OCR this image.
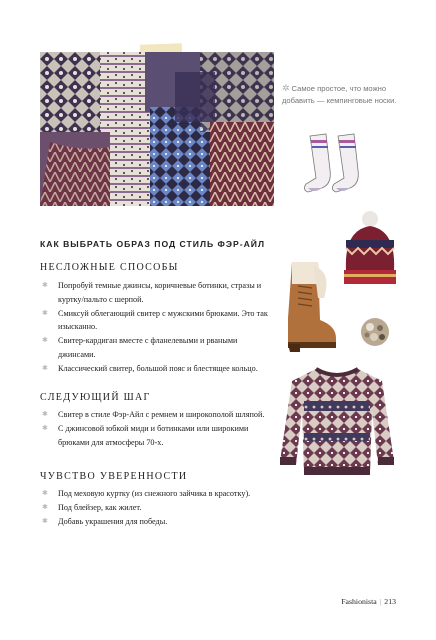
✲ Самое простое, что можно добавить — кемпинговые носки.
КАК ВЫБРАТЬ ОБРАЗ ПОД СТИЛЬ ФЭР-АЙЛ
НЕСЛОЖНЫЕ СПОСОБЫ
✱ Попробуй темные джинсы, коричневые ботинки, стразы и куртку/пальто с шерпой.
✱ Смиксуй облегающий свитер с мужскими брюками. Это так изысканно.
✱ Свитер-кардиган вместе с фланелевыми и рваными джинсами.
✱ Классический свитер, большой пояс и блестящее кольцо.
СЛЕДУЮЩИЙ ШАГ
✱ Свитер в стиле Фэр-Айл с ремнем и широкополой шляпой.
✱ С джинсовой юбкой миди и ботинками или широкими брюками для атмосферы 70-х.
ЧУВСТВО УВЕРЕННОСТИ
✱ Под меховую куртку (из снежного зайчика в красотку).
✱ Под блейзер, как жилет.
✱ Добавь украшения для победы.
Fashionista | 213
